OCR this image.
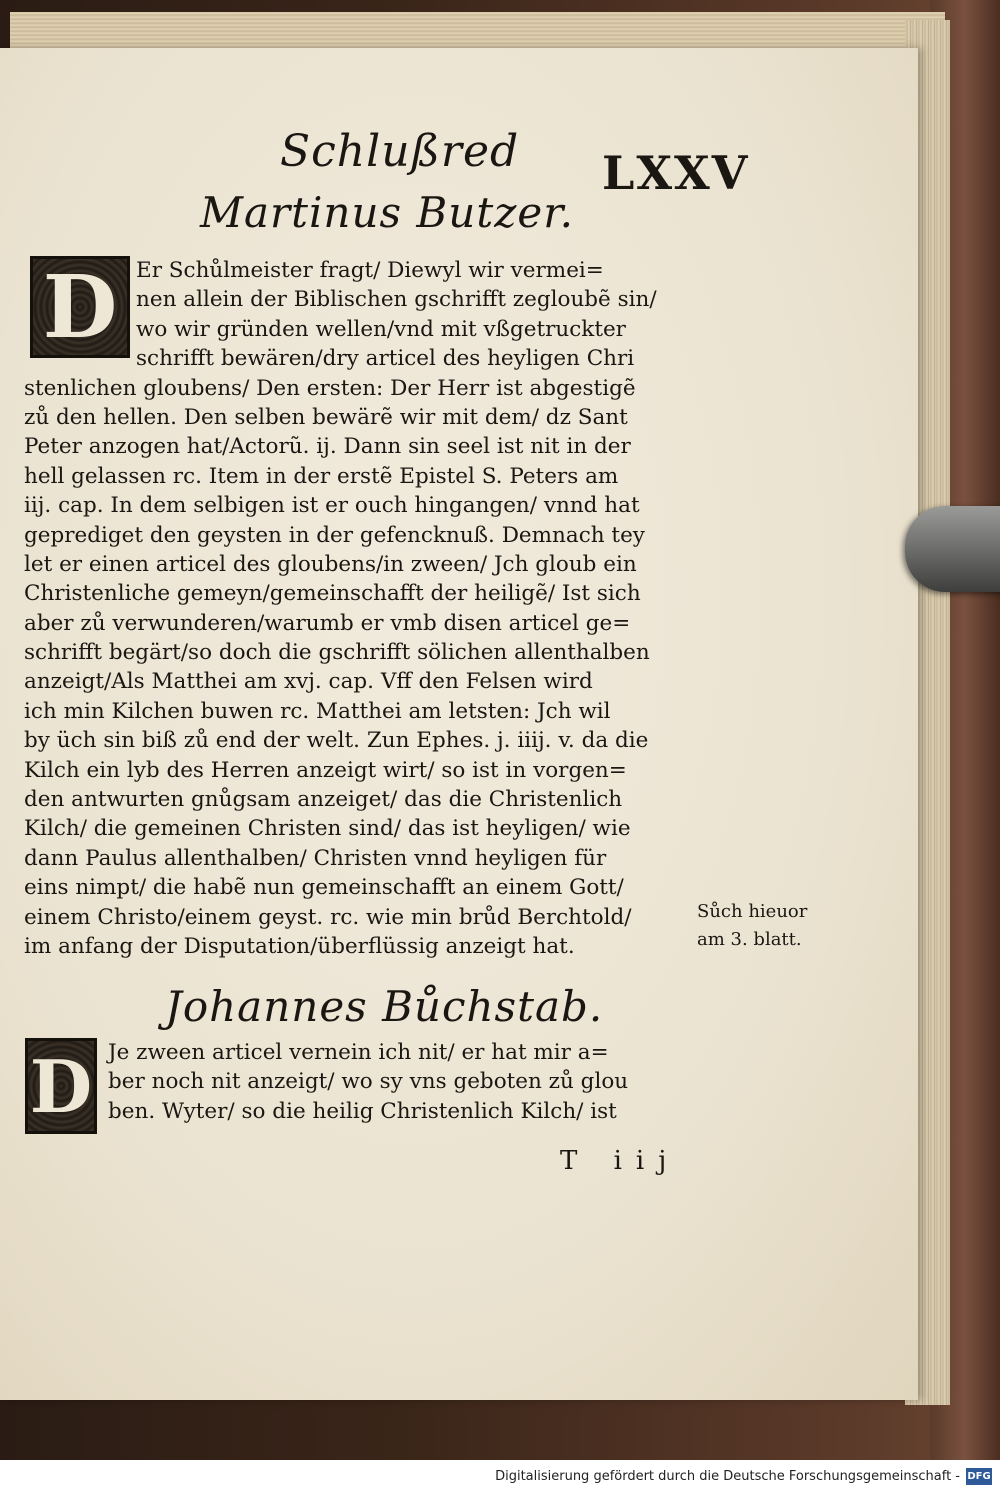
Schlußred LXXV
Martinus Butzer.
D Er Schůlmeister fragt/ Diewyl wir vermei=
nen allein der Biblischen gschrifft zegloubẽ sin/
wo wir gründen wellen/vnd mit vßgetruckter
schrifft bewären/dry articel des heyligen Chri
stenlichen gloubens/ Den ersten: Der Herr ist abgestigẽ
zů den hellen. Den selben bewärẽ wir mit dem/ dz Sant
Peter anzogen hat/Actorũ. ij. Dann sin seel ist nit in der
hell gelassen rc. Item in der erstẽ Epistel S. Peters am
iij. cap. In dem selbigen ist er ouch hingangen/ vnnd hat
geprediget den geysten in der gefencknuß. Demnach tey
let er einen articel des gloubens/in zween/ Jch gloub ein
Christenliche gemeyn/gemeinschafft der heiligẽ/ Ist sich
aber zů verwunderen/warumb er vmb disen articel ge=
schrifft begärt/so doch die gschrifft sölichen allenthalben
anzeigt/Als Matthei am xvj. cap. Vff den Felsen wird
ich min Kilchen buwen rc. Matthei am letsten: Jch wil
by üch sin biß zů end der welt. Zun Ephes. j. iiij. v. da die
Kilch ein lyb des Herren anzeigt wirt/ so ist in vorgen=
den antwurten gnůgsam anzeiget/ das die Christenlich
Kilch/ die gemeinen Christen sind/ das ist heyligen/ wie
dann Paulus allenthalben/ Christen vnnd heyligen für
eins nimpt/ die habẽ nun gemeinschafft an einem Gott/
einem Christo/einem geyst. rc. wie min brůd Berchtold/
im anfang der Disputation/überflüssig anzeigt hat.
Sůch hieuor
am 3. blatt.
Johannes Bůchstab.
D Je zween articel vernein ich nit/ er hat mir a=
ber noch nit anzeigt/ wo sy vns geboten zů glou
ben. Wyter/ so die heilig Christenlich Kilch/ ist
T iij
Digitalisierung gefördert durch die Deutsche Forschungsgemeinschaft - DFG
